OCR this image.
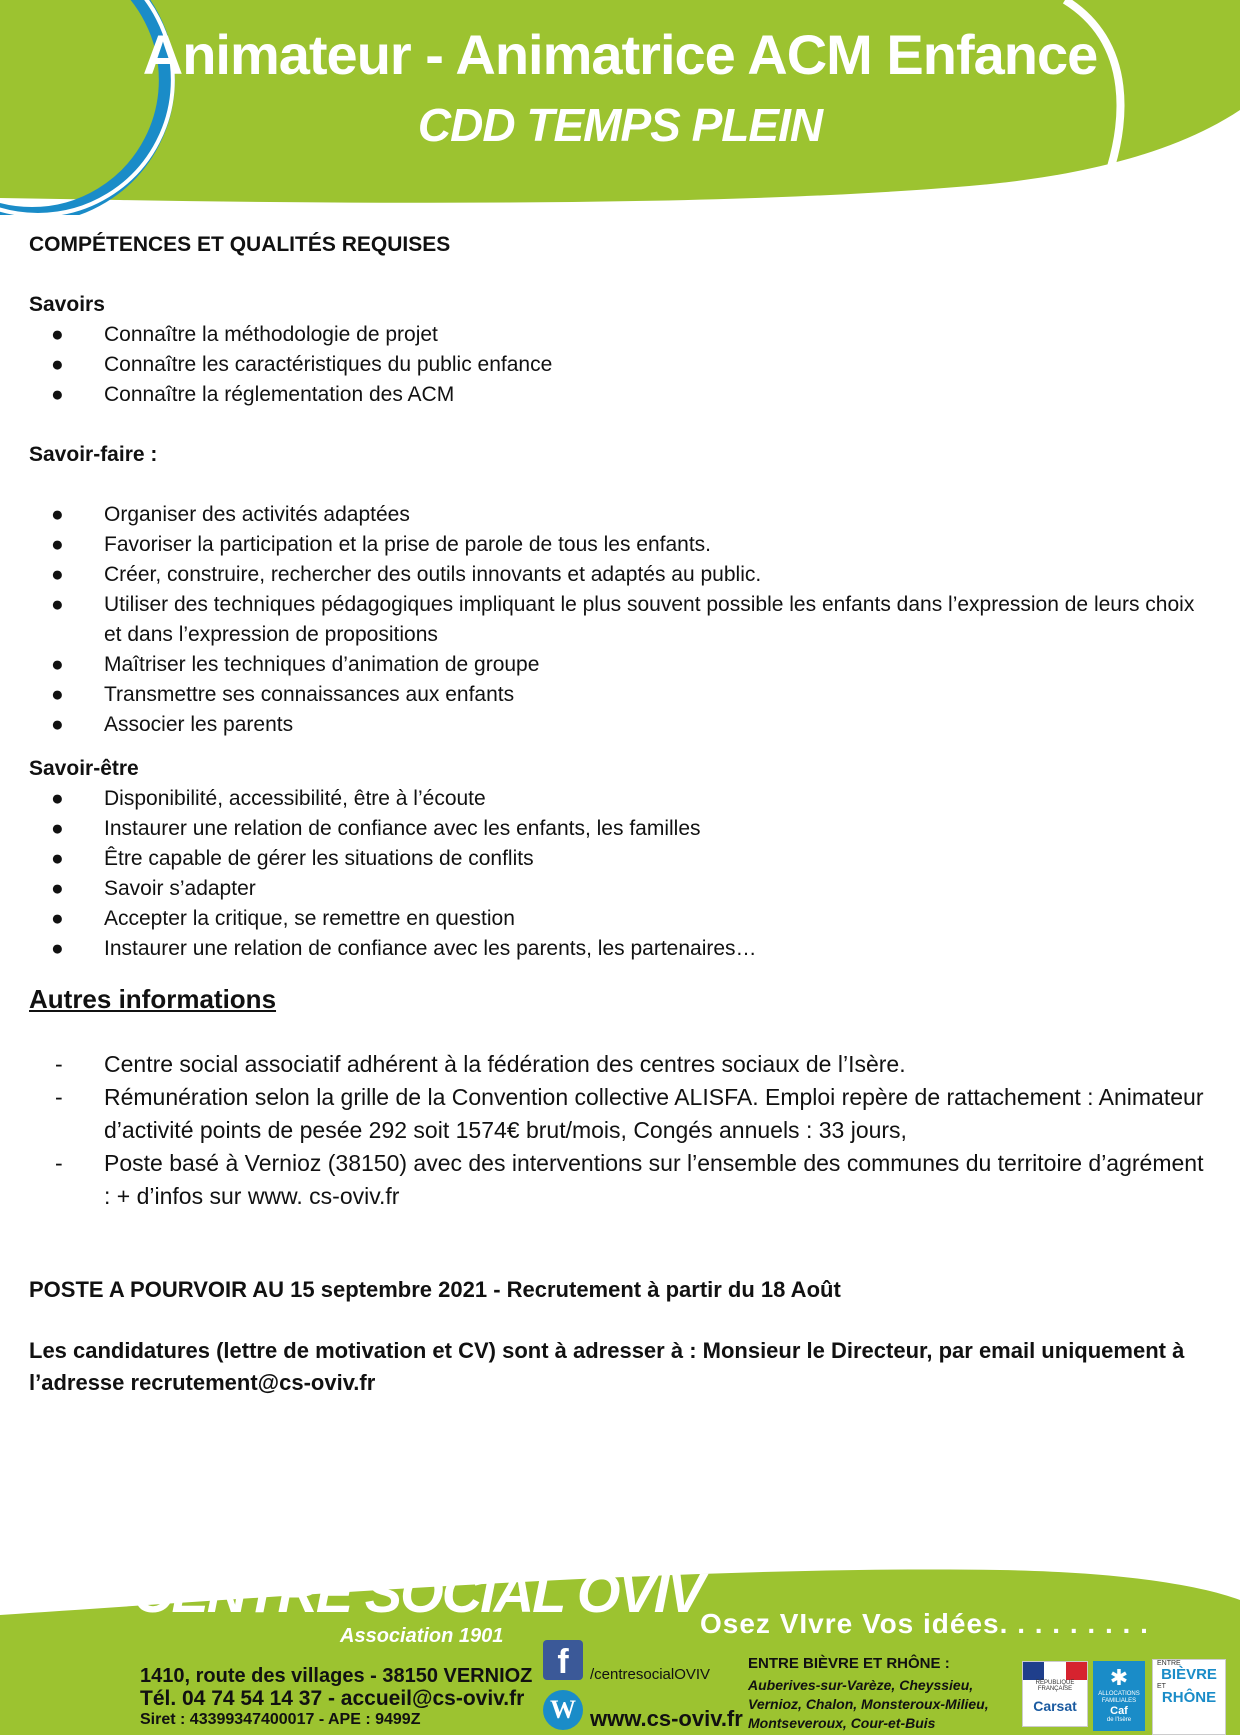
Animateur - Animatrice ACM Enfance
CDD TEMPS PLEIN
COMPÉTENCES ET QUALITÉS REQUISES
Savoirs
● Connaître la méthodologie de projet
● Connaître les caractéristiques du public enfance
● Connaître la réglementation des ACM
Savoir-faire :
● Organiser des activités adaptées
● Favoriser la participation et la prise de parole de tous les enfants.
● Créer, construire, rechercher des outils innovants et adaptés au public.
● Utiliser des techniques pédagogiques impliquant le plus souvent possible les enfants dans l’expression de leurs choix et dans l’expression de propositions
● Maîtriser les techniques d’animation de groupe
● Transmettre ses connaissances aux enfants
● Associer les parents
Savoir-être
● Disponibilité, accessibilité, être à l’écoute
● Instaurer une relation de confiance avec les enfants, les familles
● Être capable de gérer les situations de conflits
● Savoir s’adapter
● Accepter la critique, se remettre en question
● Instaurer une relation de confiance avec les parents, les partenaires…
Autres informations
- Centre social associatif adhérent à la fédération des centres sociaux de l’Isère.
- Rémunération selon la grille de la Convention collective ALISFA. Emploi repère de rattachement : Animateur d’activité points de pesée 292 soit 1574€ brut/mois, Congés annuels : 33 jours,
- Poste basé à Vernioz (38150) avec des interventions sur l’ensemble des communes du territoire d’agrément : + d’infos sur www. cs-oviv.fr
POSTE A POURVOIR AU 15 septembre 2021 - Recrutement à partir du 18 Août
Les candidatures (lettre de motivation et CV) sont à adresser à : Monsieur le Directeur, par email uniquement à l’adresse recrutement@cs-oviv.fr
CENTRE SOCIAL OVIV
Association 1901	Osez VIvre Vos idées. . . . . . . . .
1410, route des villages - 38150 VERNIOZ
Tél. 04 74 54 14 37 - accueil@cs-oviv.fr
Siret : 43399347400017 - APE : 9499Z
f	/centresocialOVIV
W www.cs-oviv.fr
ENTRE BIÈVRE ET RHÔNE :
Auberives-sur-Varèze, Cheyssieu, Vernioz, Chalon, Monsteroux-Milieu, Montseveroux, Cour-et-Buis
RÉPUBLIQUE FRANÇAISE
Carsat
✱
ALLOCATIONS FAMILIALES
Caf
de l'Isère
ENTRE
BIÈVRE
ET
RHÔNE
